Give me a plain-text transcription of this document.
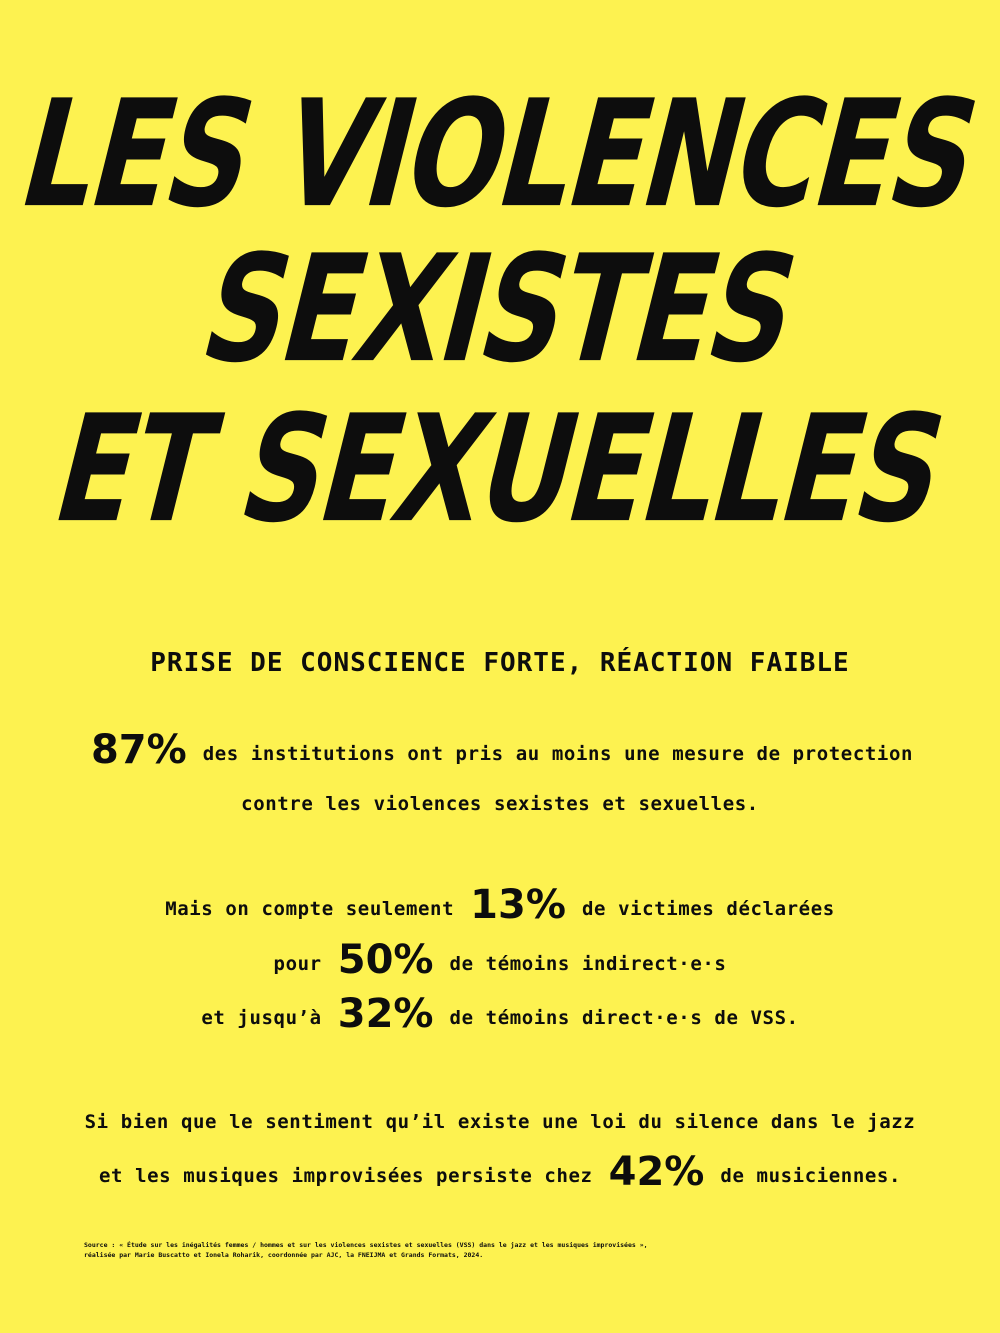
LES VIOLENCES
SEXISTES
ET SEXUELLES
PRISE DE CONSCIENCE FORTE, RÉACTION FAIBLE
87% des institutions ont pris au moins une mesure de protection
contre les violences sexistes et sexuelles.
Mais on compte seulement 13% de victimes déclarées
pour 50% de témoins indirect·e·s
et jusqu’à 32% de témoins direct·e·s de VSS.
Si bien que le sentiment qu’il existe une loi du silence dans le jazz
et les musiques improvisées persiste chez 42% de musiciennes.
Source : « Étude sur les inégalités femmes / hommes et sur les violences sexistes et sexuelles (VSS) dans le jazz et les musiques improvisées »,
réalisée par Marie Buscatto et Ionela Roharik, coordonnée par AJC, la FNEIJMA et Grands Formats, 2024.
